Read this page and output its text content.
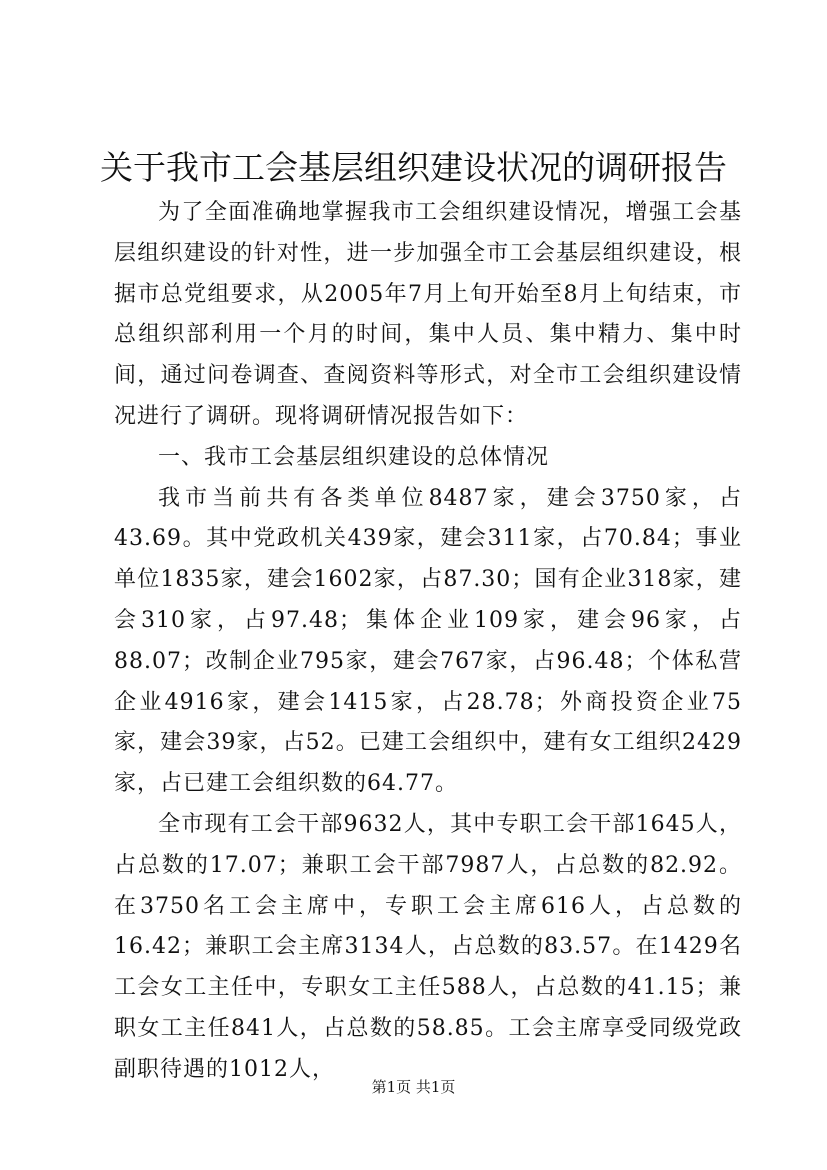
关于我市工会基层组织建设状况的调研报告

为了全面准确地掌握我市工会组织建设情况，增强工会基层组织建设的针对性，进一步加强全市工会基层组织建设，根据市总党组要求，从2005年7月上旬开始至8月上旬结束，市总组织部利用一个月的时间，集中人员、集中精力、集中时间，通过问卷调查、查阅资料等形式，对全市工会组织建设情况进行了调研。现将调研情况报告如下：

一、我市工会基层组织建设的总体情况

我市当前共有各类单位8487家，建会3750家，占43.69。其中党政机关439家，建会311家，占70.84；事业单位1835家，建会1602家，占87.30；国有企业318家，建会310家，占97.48；集体企业109家，建会96家，占88.07；改制企业795家，建会767家，占96.48；个体私营企业4916家，建会1415家，占28.78；外商投资企业75家，建会39家，占52。已建工会组织中，建有女工组织2429家，占已建工会组织数的64.77。

全市现有工会干部9632人，其中专职工会干部1645人，占总数的17.07；兼职工会干部7987人，占总数的82.92。在3750名工会主席中，专职工会主席616人，占总数的16.42；兼职工会主席3134人，占总数的83.57。在1429名工会女工主任中，专职女工主任588人，占总数的41.15；兼职女工主任841人，占总数的58.85。工会主席享受同级党政副职待遇的1012人，

第1页 共1页
